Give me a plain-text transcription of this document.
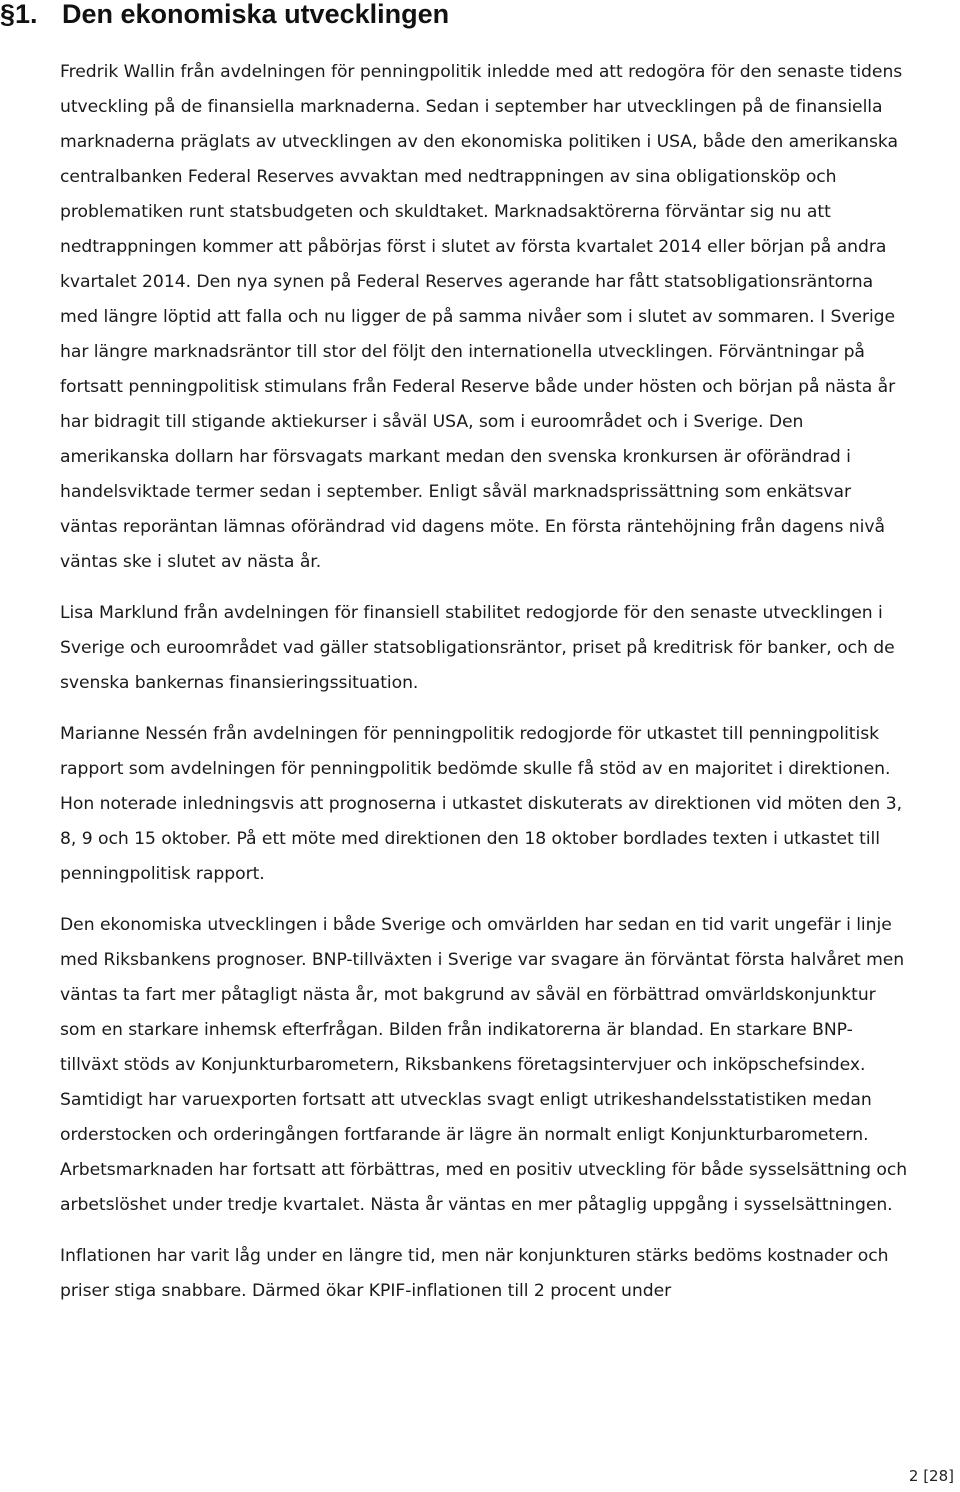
§1. Den ekonomiska utvecklingen

Fredrik Wallin från avdelningen för penningpolitik inledde med att redogöra för den senaste tidens utveckling på de finansiella marknaderna. Sedan i september har utvecklingen på de finansiella marknaderna präglats av utvecklingen av den ekonomiska politiken i USA, både den amerikanska centralbanken Federal Reserves avvaktan med nedtrappningen av sina obligationsköp och problematiken runt statsbudgeten och skuldtaket. Marknadsaktörerna förväntar sig nu att nedtrappningen kommer att påbörjas först i slutet av första kvartalet 2014 eller början på andra kvartalet 2014. Den nya synen på Federal Reserves agerande har fått statsobligationsräntorna med längre löptid att falla och nu ligger de på samma nivåer som i slutet av sommaren. I Sverige har längre marknadsräntor till stor del följt den internationella utvecklingen. Förväntningar på fortsatt penningpolitisk stimulans från Federal Reserve både under hösten och början på nästa år har bidragit till stigande aktiekurser i såväl USA, som i euroområdet och i Sverige. Den amerikanska dollarn har försvagats markant medan den svenska kronkursen är oförändrad i handelsviktade termer sedan i september. Enligt såväl marknadsprissättning som enkätsvar väntas reporäntan lämnas oförändrad vid dagens möte. En första räntehöjning från dagens nivå väntas ske i slutet av nästa år.

Lisa Marklund från avdelningen för finansiell stabilitet redogjorde för den senaste utvecklingen i Sverige och euroområdet vad gäller statsobligationsräntor, priset på kreditrisk för banker, och de svenska bankernas finansieringssituation.

Marianne Nessén från avdelningen för penningpolitik redogjorde för utkastet till penningpolitisk rapport som avdelningen för penningpolitik bedömde skulle få stöd av en majoritet i direktionen. Hon noterade inledningsvis att prognoserna i utkastet diskuterats av direktionen vid möten den 3, 8, 9 och 15 oktober. På ett möte med direktionen den 18 oktober bordlades texten i utkastet till penningpolitisk rapport.

Den ekonomiska utvecklingen i både Sverige och omvärlden har sedan en tid varit ungefär i linje med Riksbankens prognoser. BNP-tillväxten i Sverige var svagare än förväntat första halvåret men väntas ta fart mer påtagligt nästa år, mot bakgrund av såväl en förbättrad omvärldskonjunktur som en starkare inhemsk efterfrågan. Bilden från indikatorerna är blandad. En starkare BNP-tillväxt stöds av Konjunkturbarometern, Riksbankens företagsintervjuer och inköpschefsindex. Samtidigt har varuexporten fortsatt att utvecklas svagt enligt utrikeshandelsstatistiken medan orderstocken och orderingången fortfarande är lägre än normalt enligt Konjunkturbarometern. Arbetsmarknaden har fortsatt att förbättras, med en positiv utveckling för både sysselsättning och arbetslöshet under tredje kvartalet. Nästa år väntas en mer påtaglig uppgång i sysselsättningen.

Inflationen har varit låg under en längre tid, men när konjunkturen stärks bedöms kostnader och priser stiga snabbare. Därmed ökar KPIF-inflationen till 2 procent under

2 [28]
